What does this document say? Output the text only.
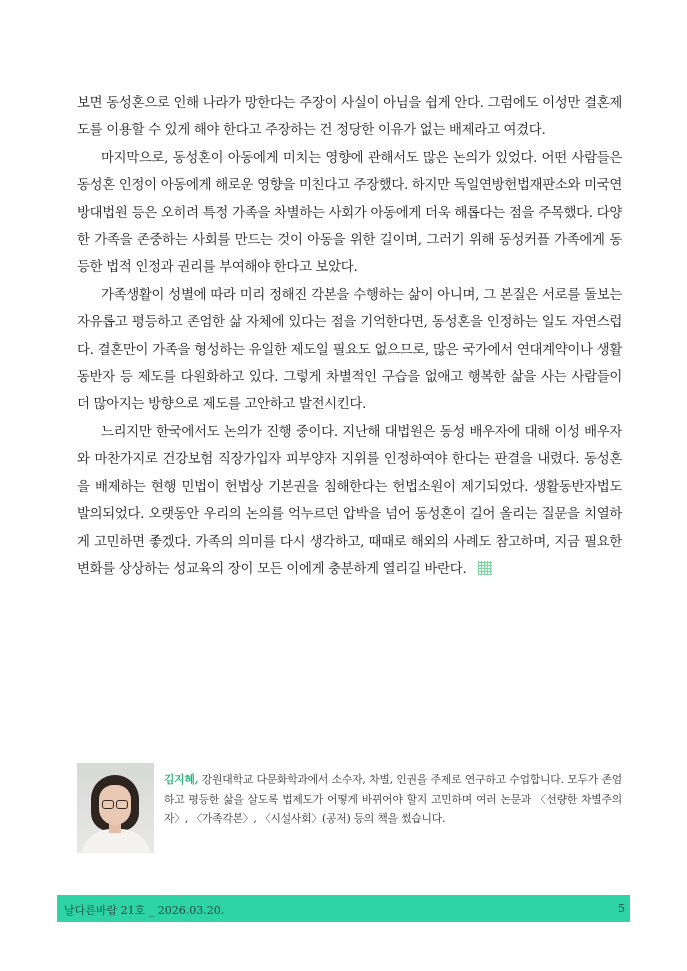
보면 동성혼으로 인해 나라가 망한다는 주장이 사실이 아님을 쉽게 안다. 그럼에도 이성만 결혼제도를 이용할 수 있게 해야 한다고 주장하는 건 정당한 이유가 없는 배제라고 여겼다.

마지막으로, 동성혼이 아동에게 미치는 영향에 관해서도 많은 논의가 있었다. 어떤 사람들은 동성혼 인정이 아동에게 해로운 영향을 미친다고 주장했다. 하지만 독일연방헌법재판소와 미국연방대법원 등은 오히려 특정 가족을 차별하는 사회가 아동에게 더욱 해롭다는 점을 주목했다. 다양한 가족을 존중하는 사회를 만드는 것이 아동을 위한 길이며, 그러기 위해 동성커플 가족에게 동등한 법적 인정과 권리를 부여해야 한다고 보았다.

가족생활이 성별에 따라 미리 정해진 각본을 수행하는 삶이 아니며, 그 본질은 서로를 돌보는 자유롭고 평등하고 존엄한 삶 자체에 있다는 점을 기억한다면, 동성혼을 인정하는 일도 자연스럽다. 결혼만이 가족을 형성하는 유일한 제도일 필요도 없으므로, 많은 국가에서 연대계약이나 생활동반자 등 제도를 다원화하고 있다. 그렇게 차별적인 구습을 없애고 행복한 삶을 사는 사람들이 더 많아지는 방향으로 제도를 고안하고 발전시킨다.

느리지만 한국에서도 논의가 진행 중이다. 지난해 대법원은 동성 배우자에 대해 이성 배우자와 마찬가지로 건강보험 직장가입자 피부양자 지위를 인정하여야 한다는 판결을 내렸다. 동성혼을 배제하는 현행 민법이 헌법상 기본권을 침해한다는 헌법소원이 제기되었다. 생활동반자법도 발의되었다. 오랫동안 우리의 논의를 억누르던 압박을 넘어 동성혼이 길어 올리는 질문을 치열하게 고민하면 좋겠다. 가족의 의미를 다시 생각하고, 때때로 해외의 사례도 참고하며, 지금 필요한 변화를 상상하는 성교육의 장이 모든 이에게 충분하게 열리길 바란다.

김지혜, 강원대학교 다문화학과에서 소수자, 차별, 인권을 주제로 연구하고 수업합니다. 모두가 존엄하고 평등한 삶을 살도록 법제도가 어떻게 바뀌어야 할지 고민하며 여러 논문과 〈선량한 차별주의자〉, 〈가족각본〉, 〈시설사회〉(공저) 등의 책을 썼습니다.
날다른바람 21호 _ 2026.03.20.	5
